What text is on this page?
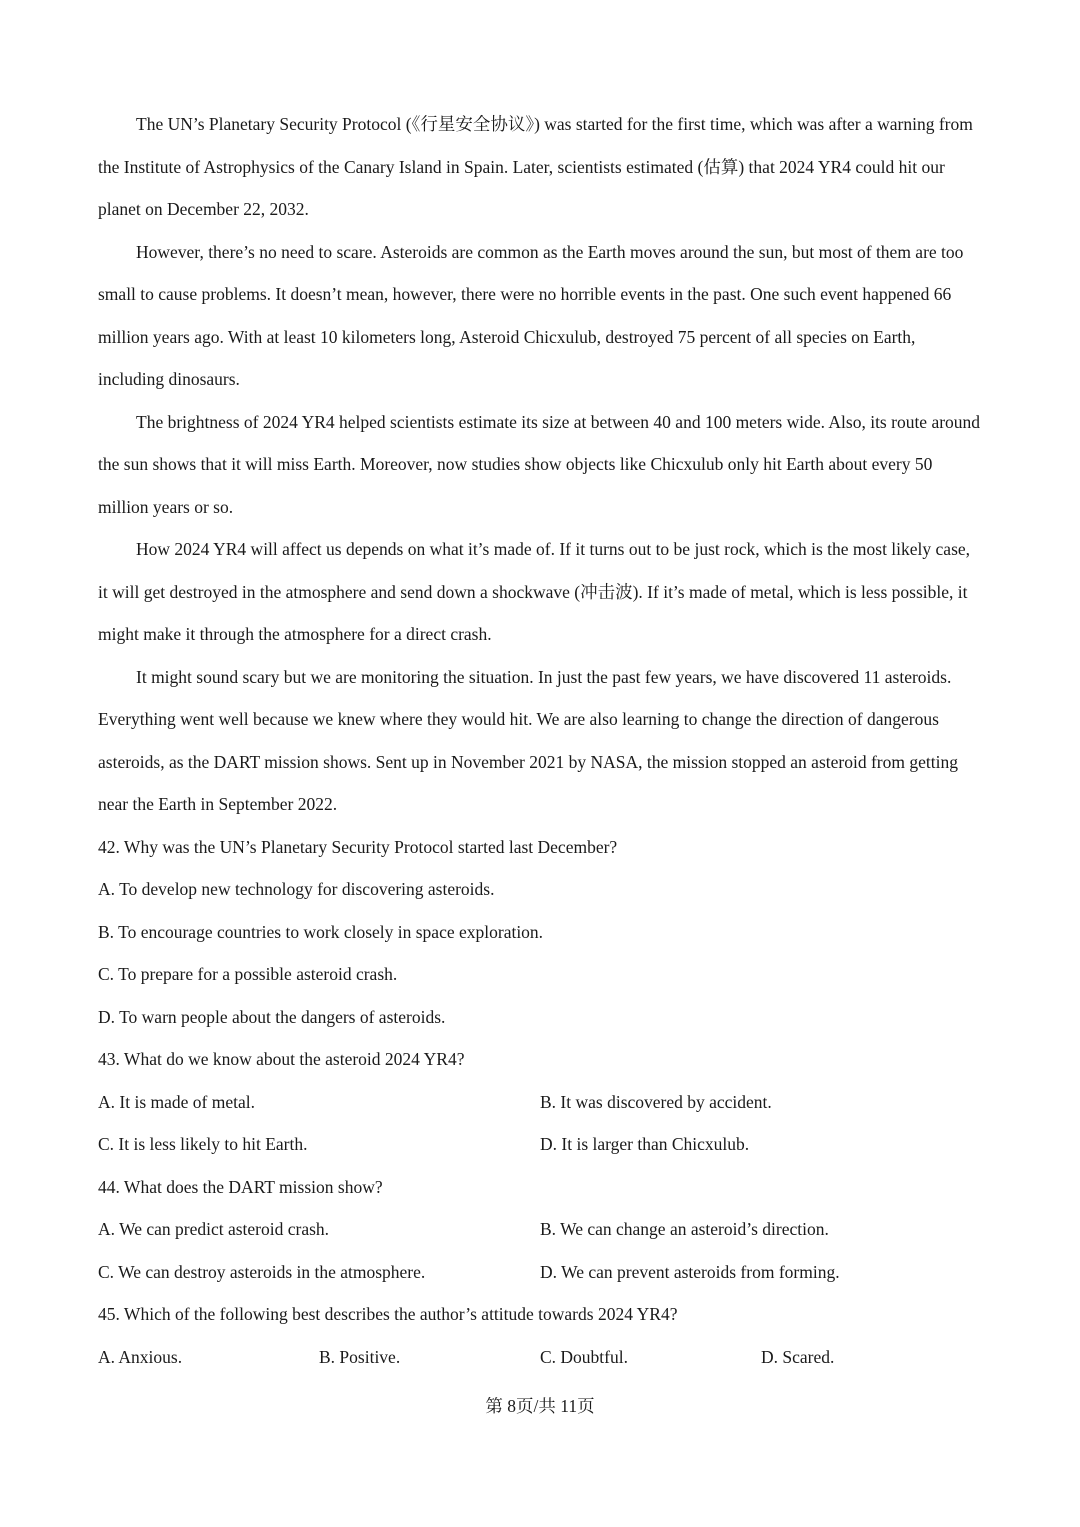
The UN’s Planetary Security Protocol (《行星安全协议》) was started for the first time, which was after a warning from the Institute of Astrophysics of the Canary Island in Spain. Later, scientists estimated (估算) that 2024 YR4 could hit our planet on December 22, 2032.

However, there’s no need to scare. Asteroids are common as the Earth moves around the sun, but most of them are too small to cause problems. It doesn’t mean, however, there were no horrible events in the past. One such event happened 66 million years ago. With at least 10 kilometers long, Asteroid Chicxulub, destroyed 75 percent of all species on Earth, including dinosaurs.

The brightness of 2024 YR4 helped scientists estimate its size at between 40 and 100 meters wide. Also, its route around the sun shows that it will miss Earth. Moreover, now studies show objects like Chicxulub only hit Earth about every 50 million years or so.

How 2024 YR4 will affect us depends on what it’s made of. If it turns out to be just rock, which is the most likely case, it will get destroyed in the atmosphere and send down a shockwave (冲击波). If it’s made of metal, which is less possible, it might make it through the atmosphere for a direct crash.

It might sound scary but we are monitoring the situation. In just the past few years, we have discovered 11 asteroids. Everything went well because we knew where they would hit. We are also learning to change the direction of dangerous asteroids, as the DART mission shows. Sent up in November 2021 by NASA, the mission stopped an asteroid from getting near the Earth in September 2022.

42. Why was the UN’s Planetary Security Protocol started last December?

A. To develop new technology for discovering asteroids.

B. To encourage countries to work closely in space exploration.

C. To prepare for a possible asteroid crash.

D. To warn people about the dangers of asteroids.

43. What do we know about the asteroid 2024 YR4?

A. It is made of metal.	B. It was discovered by accident.
C. It is less likely to hit Earth.	D. It is larger than Chicxulub.

44. What does the DART mission show?

A. We can predict asteroid crash.	B. We can change an asteroid’s direction.
C. We can destroy asteroids in the atmosphere.	D. We can prevent asteroids from forming.

45. Which of the following best describes the author’s attitude towards 2024 YR4?

A. Anxious.	B. Positive.	C. Doubtful.	D. Scared.
第 8页/共 11页
